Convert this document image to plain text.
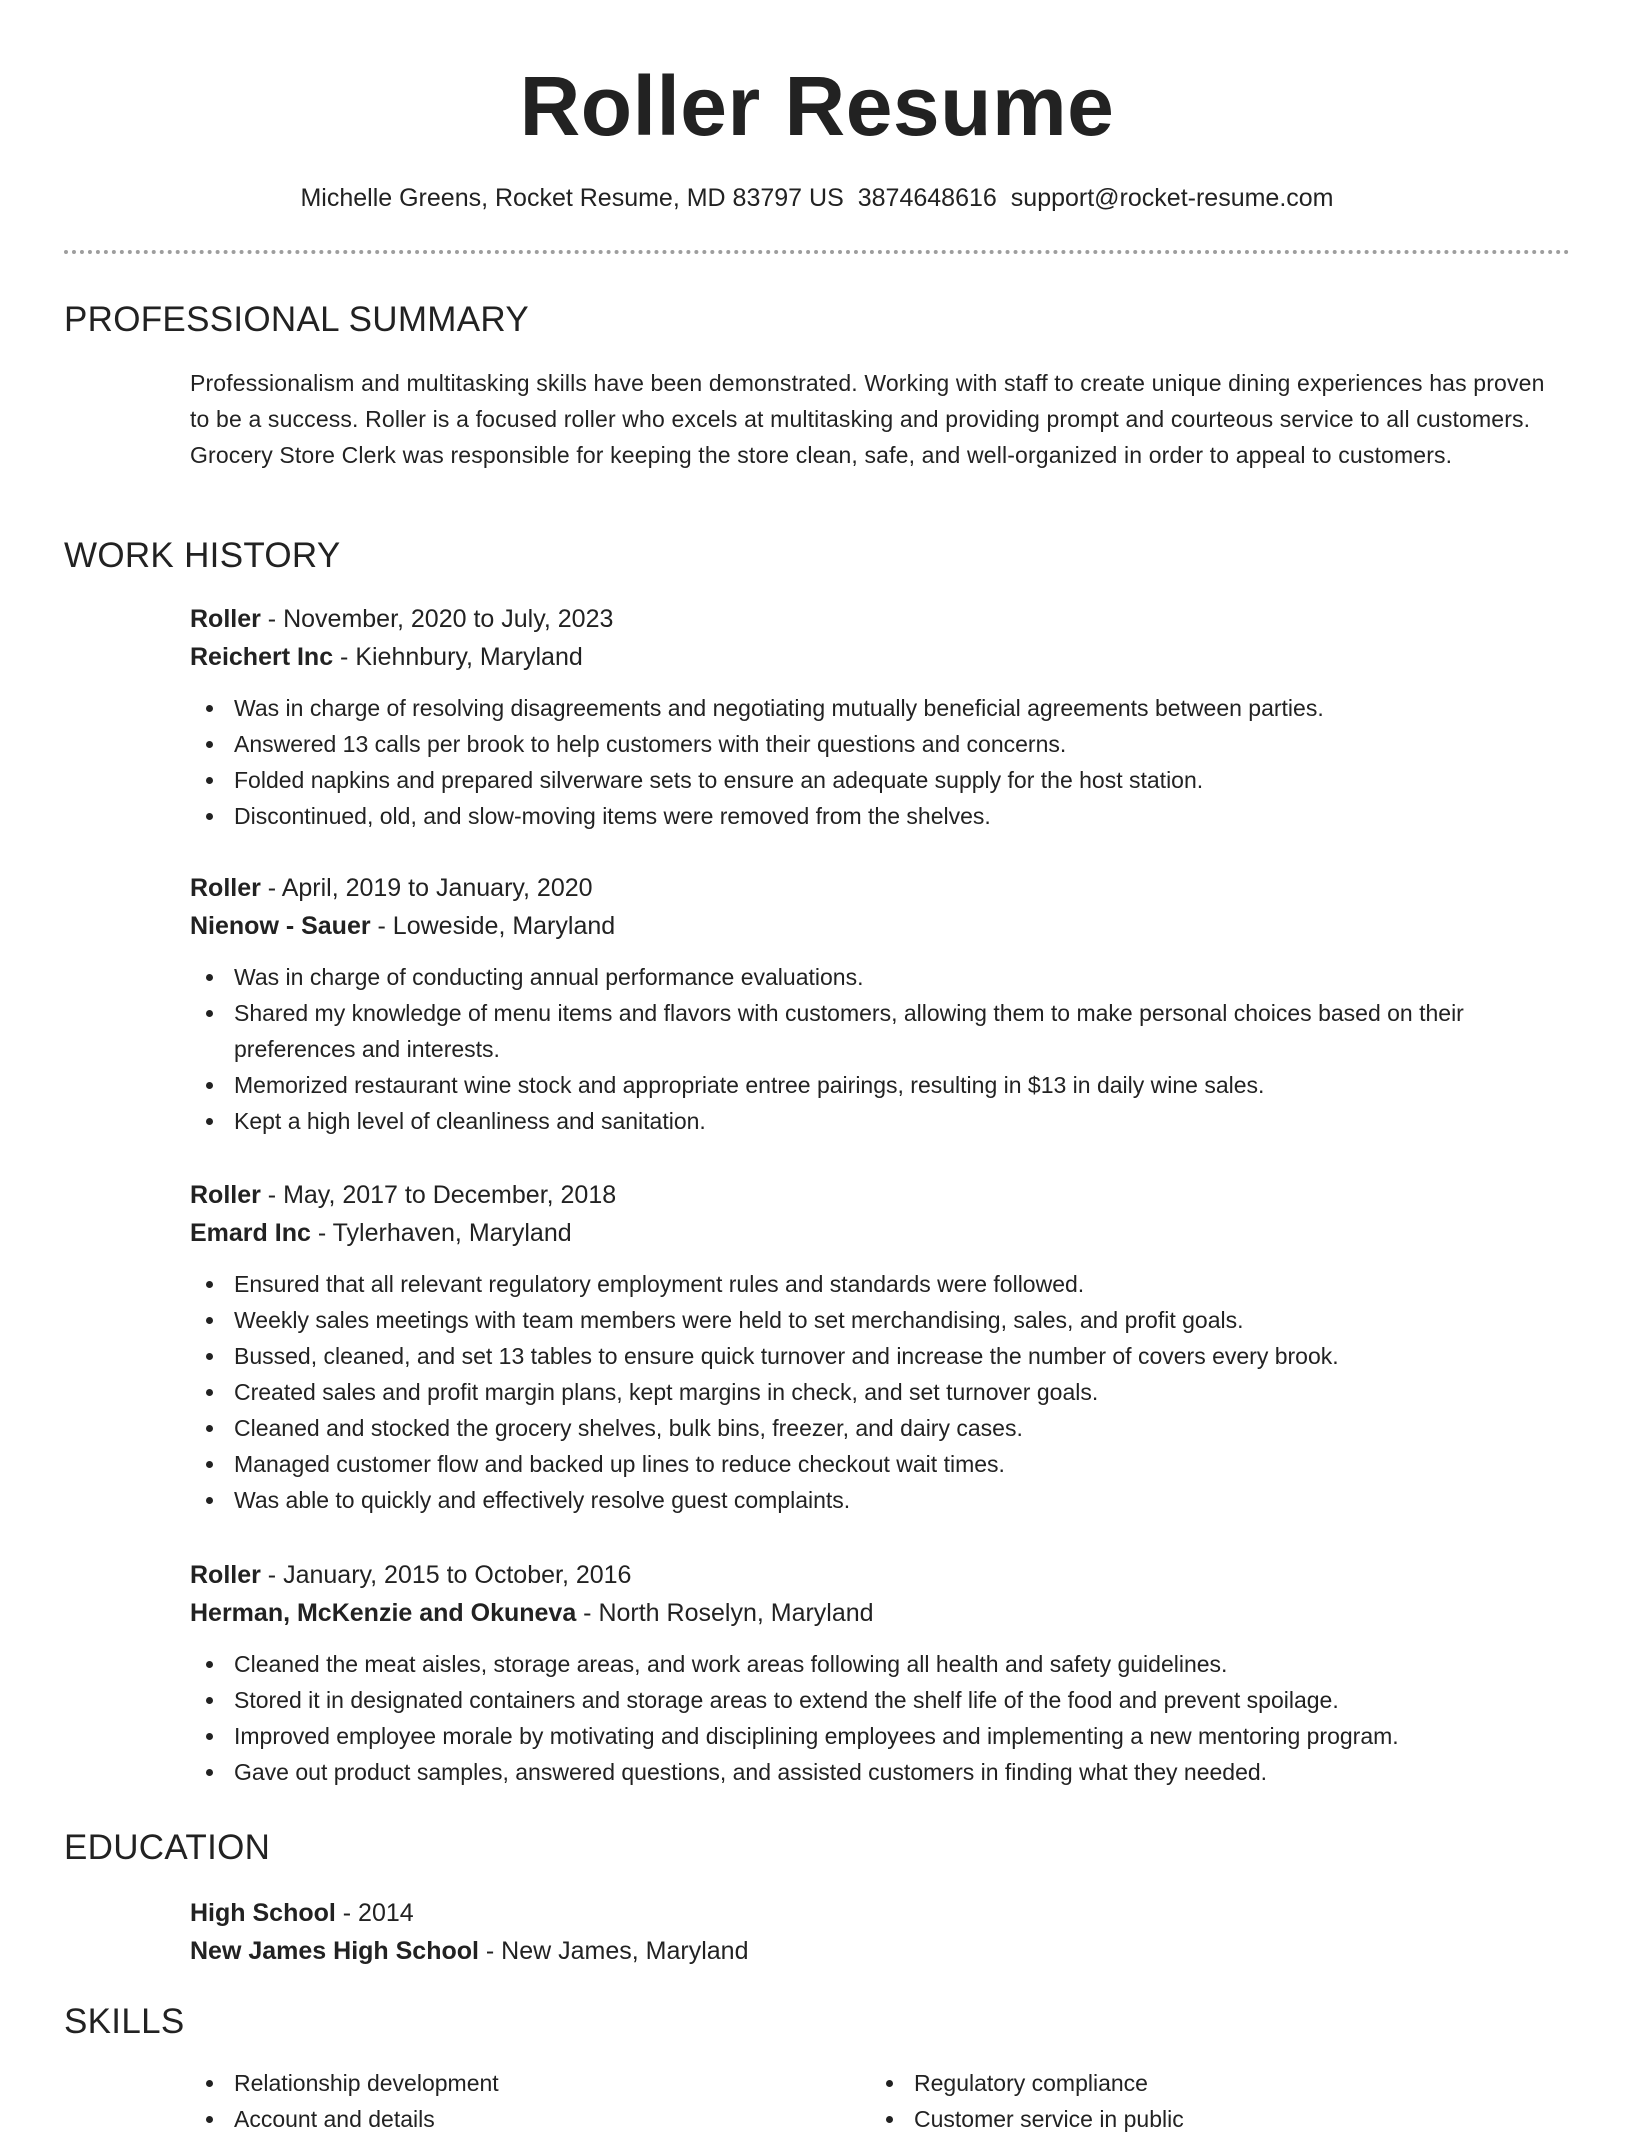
Roller Resume
Michelle Greens, Rocket Resume, MD 83797 US 3874648616 support@rocket-resume.com
PROFESSIONAL SUMMARY
Professionalism and multitasking skills have been demonstrated. Working with staff to create unique dining experiences has proven to be a success. Roller is a focused roller who excels at multitasking and providing prompt and courteous service to all customers. Grocery Store Clerk was responsible for keeping the store clean, safe, and well-organized in order to appeal to customers.
WORK HISTORY
Roller - November, 2020 to July, 2023
Reichert Inc - Kiehnbury, Maryland
Was in charge of resolving disagreements and negotiating mutually beneficial agreements between parties.
Answered 13 calls per brook to help customers with their questions and concerns.
Folded napkins and prepared silverware sets to ensure an adequate supply for the host station.
Discontinued, old, and slow-moving items were removed from the shelves.
Roller - April, 2019 to January, 2020
Nienow - Sauer - Loweside, Maryland
Was in charge of conducting annual performance evaluations.
Shared my knowledge of menu items and flavors with customers, allowing them to make personal choices based on their preferences and interests.
Memorized restaurant wine stock and appropriate entree pairings, resulting in $13 in daily wine sales.
Kept a high level of cleanliness and sanitation.
Roller - May, 2017 to December, 2018
Emard Inc - Tylerhaven, Maryland
Ensured that all relevant regulatory employment rules and standards were followed.
Weekly sales meetings with team members were held to set merchandising, sales, and profit goals.
Bussed, cleaned, and set 13 tables to ensure quick turnover and increase the number of covers every brook.
Created sales and profit margin plans, kept margins in check, and set turnover goals.
Cleaned and stocked the grocery shelves, bulk bins, freezer, and dairy cases.
Managed customer flow and backed up lines to reduce checkout wait times.
Was able to quickly and effectively resolve guest complaints.
Roller - January, 2015 to October, 2016
Herman, McKenzie and Okuneva - North Roselyn, Maryland
Cleaned the meat aisles, storage areas, and work areas following all health and safety guidelines.
Stored it in designated containers and storage areas to extend the shelf life of the food and prevent spoilage.
Improved employee morale by motivating and disciplining employees and implementing a new mentoring program.
Gave out product samples, answered questions, and assisted customers in finding what they needed.
EDUCATION
High School - 2014
New James High School - New James, Maryland
SKILLS
Relationship development
Account and details
Regulatory compliance
Customer service in public
